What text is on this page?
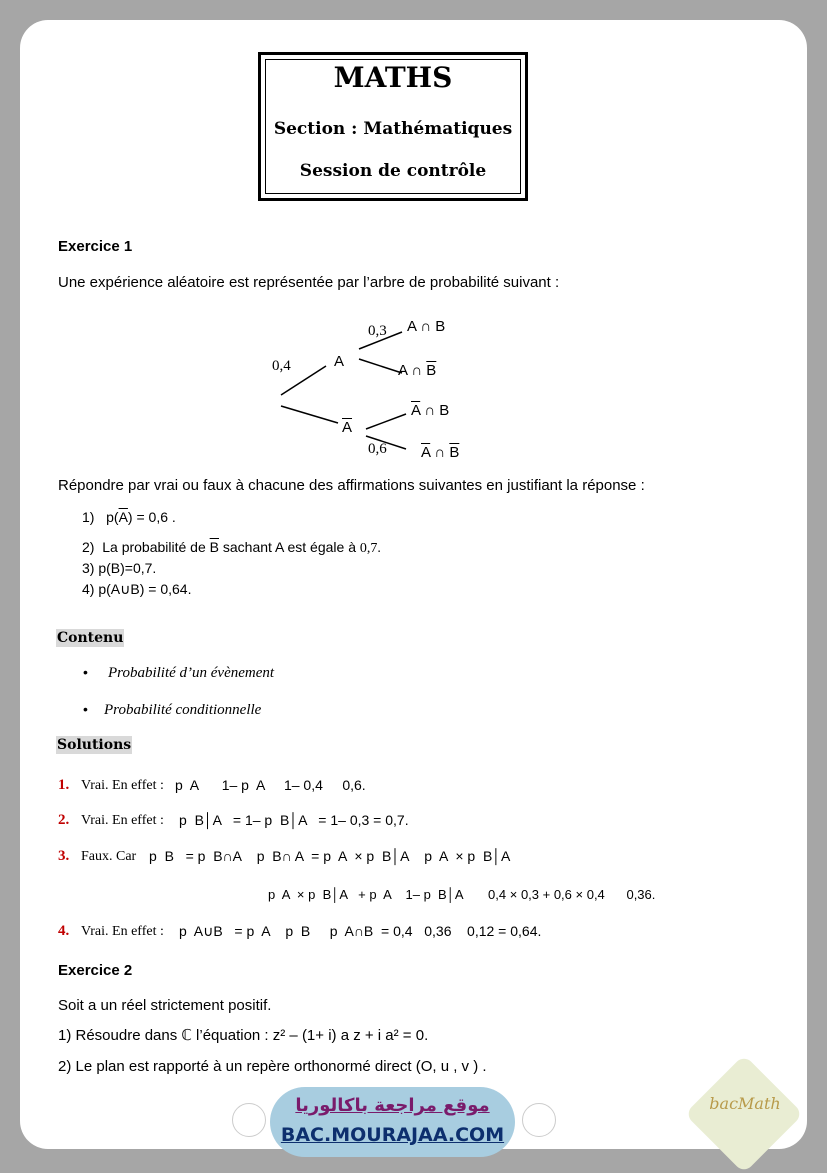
MATHS
Section : Mathématiques
Session de contrôle
Exercice 1
Une expérience aléatoire est représentée par l’arbre de probabilité suivant :
0,4
0,3
0,6
A
$\overline{A}$
A ∩ B
A ∩ $\overline{B}$
$\overline{A}$ ∩ B
$\overline{A}$ ∩ $\overline{B}$
Répondre par vrai ou faux à chacune des affirmations suivantes en justifiant la réponse :
1) $p(\overline{A}) = 0,6$ .
2) La probabilité de $\overline{B}$ sachant A est égale à 0,7.
3) p(B)=0,7.
4) p(A∪B) = 0,64.
Contenu
• Probabilité d’un évènement
• Probabilité conditionnelle
Solutions
1. Vrai. En effet : p  A      1– p  A     1– 0,4     0,6.
2. Vrai. En effet : p  B│A   = 1– p  B│A   = 1– 0,3 = 0,7.
3. Faux. Car p  B   = p  B∩A    p  B∩ A  = p  A  × p  B│A    p  A  × p  B│A
p  A  × p  B│A   + p  A    1– p  B│A       0,4 × 0,3 + 0,6 × 0,4      0,36.
4. Vrai. En effet : p  A∪B   = p  A    p  B     p  A∩B  = 0,4   0,36    0,12 = 0,64.
Exercice 2
Soit a un réel strictement positif.
1) Résoudre dans ℂ l’équation : z² – (1+ i) a z + i a² = 0.
2) Le plan est rapporté à un repère orthonormé direct (O, u , v ) .
موقع مراجعة باكالوريا
BAC.MOURAJAA.COM
bacMath
